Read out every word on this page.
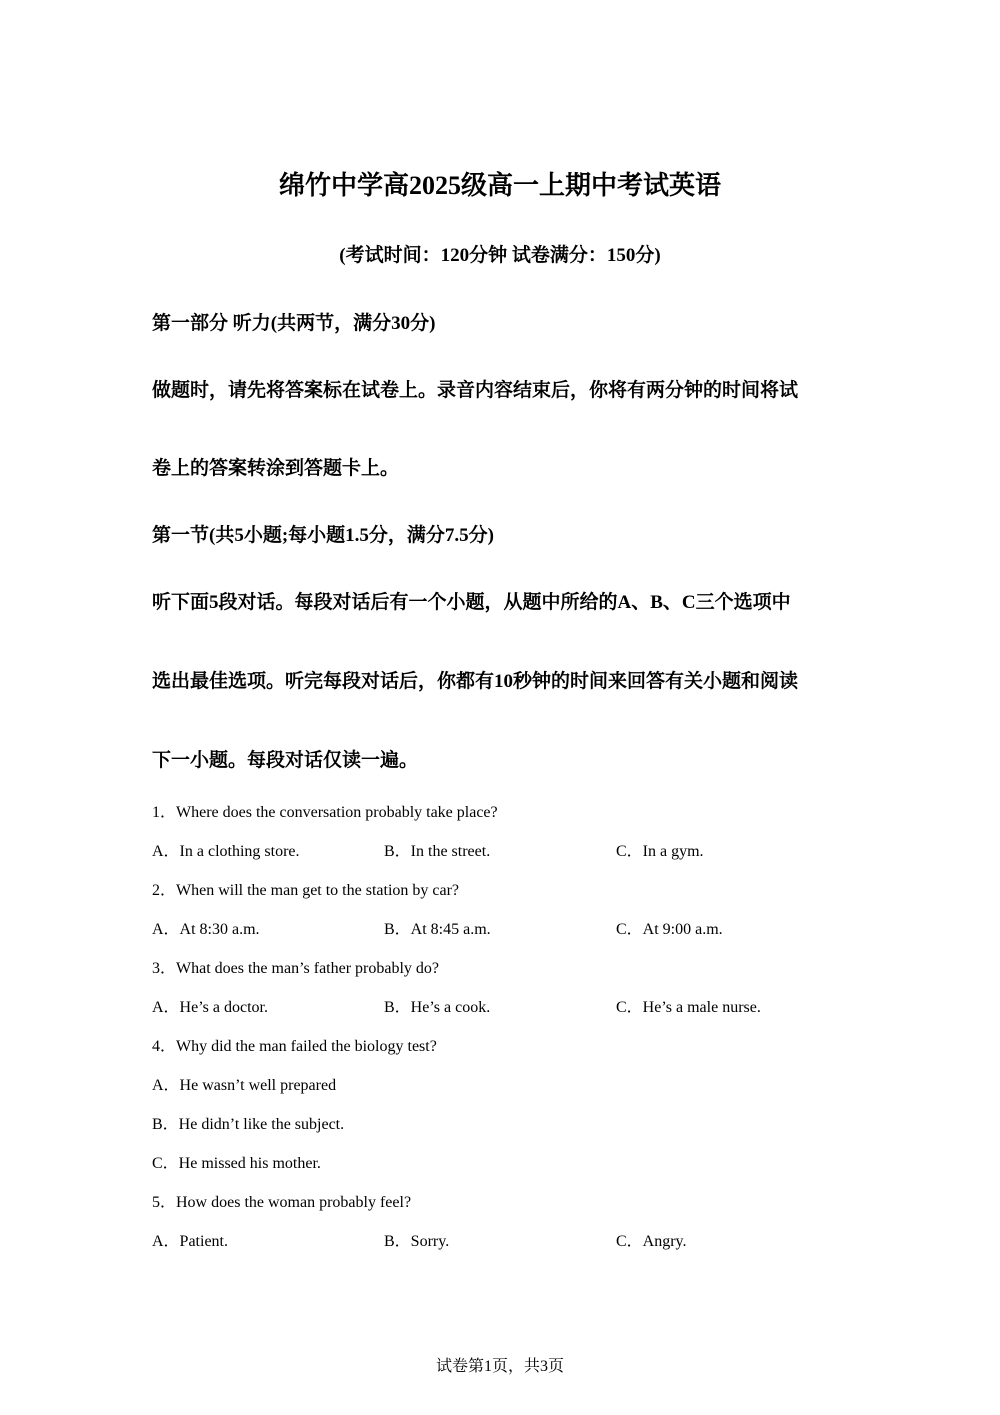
绵竹中学高2025级高一上期中考试英语
(考试时间：120分钟 试卷满分：150分)
第一部分 听力(共两节，满分30分)
做题时，请先将答案标在试卷上。录音内容结束后，你将有两分钟的时间将试
卷上的答案转涂到答题卡上。
第一节(共5小题;每小题1.5分，满分7.5分)
听下面5段对话。每段对话后有一个小题，从题中所给的A、B、C三个选项中
选出最佳选项。听完每段对话后，你都有10秒钟的时间来回答有关小题和阅读
下一小题。每段对话仅读一遍。
1．Where does the conversation probably take place?
A．In a clothing store.	B．In the street.	C．In a gym.
2．When will the man get to the station by car?
A．At 8:30 a.m.	B．At 8:45 a.m.	C．At 9:00 a.m.
3．What does the man’s father probably do?
A．He’s a doctor.	B．He’s a cook.	C．He’s a male nurse.
4．Why did the man failed the biology test?
A．He wasn’t well prepared
B．He didn’t like the subject.
C．He missed his mother.
5．How does the woman probably feel?
A．Patient.	B．Sorry.	C．Angry.
试卷第1页，共3页
